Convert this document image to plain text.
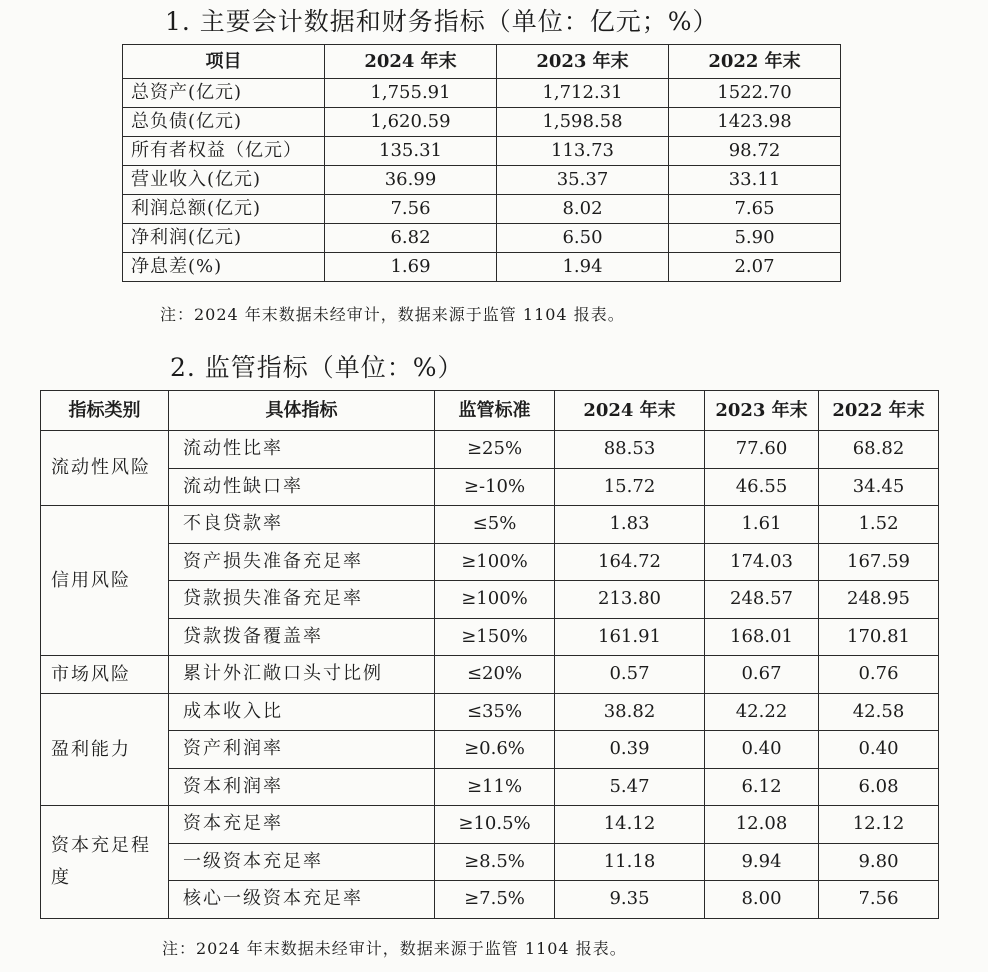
1. 主要会计数据和财务指标（单位：亿元；%）
项目	2024 年末	2023 年末	2022 年末
总资产(亿元)	1,755.91	1,712.31	1522.70
总负债(亿元)	1,620.59	1,598.58	1423.98
所有者权益（亿元）	135.31	113.73	98.72
营业收入(亿元)	36.99	35.37	33.11
利润总额(亿元)	7.56	8.02	7.65
净利润(亿元)	6.82	6.50	5.90
净息差(%)	1.69	1.94	2.07
注：2024 年末数据未经审计，数据来源于监管 1104 报表。
2. 监管指标（单位：%）
指标类别	具体指标	监管标准	2024 年末	2023 年末	2022 年末
流动性风险	流动性比率	≥25%	88.53	77.60	68.82
	流动性缺口率	≥-10%	15.72	46.55	34.45
信用风险	不良贷款率	≤5%	1.83	1.61	1.52
	资产损失准备充足率	≥100%	164.72	174.03	167.59
	贷款损失准备充足率	≥100%	213.80	248.57	248.95
	贷款拨备覆盖率	≥150%	161.91	168.01	170.81
市场风险	累计外汇敞口头寸比例	≤20%	0.57	0.67	0.76
盈利能力	成本收入比	≤35%	38.82	42.22	42.58
	资产利润率	≥0.6%	0.39	0.40	0.40
	资本利润率	≥11%	5.47	6.12	6.08
资本充足程度	资本充足率	≥10.5%	14.12	12.08	12.12
	一级资本充足率	≥8.5%	11.18	9.94	9.80
	核心一级资本充足率	≥7.5%	9.35	8.00	7.56
注：2024 年末数据未经审计，数据来源于监管 1104 报表。
